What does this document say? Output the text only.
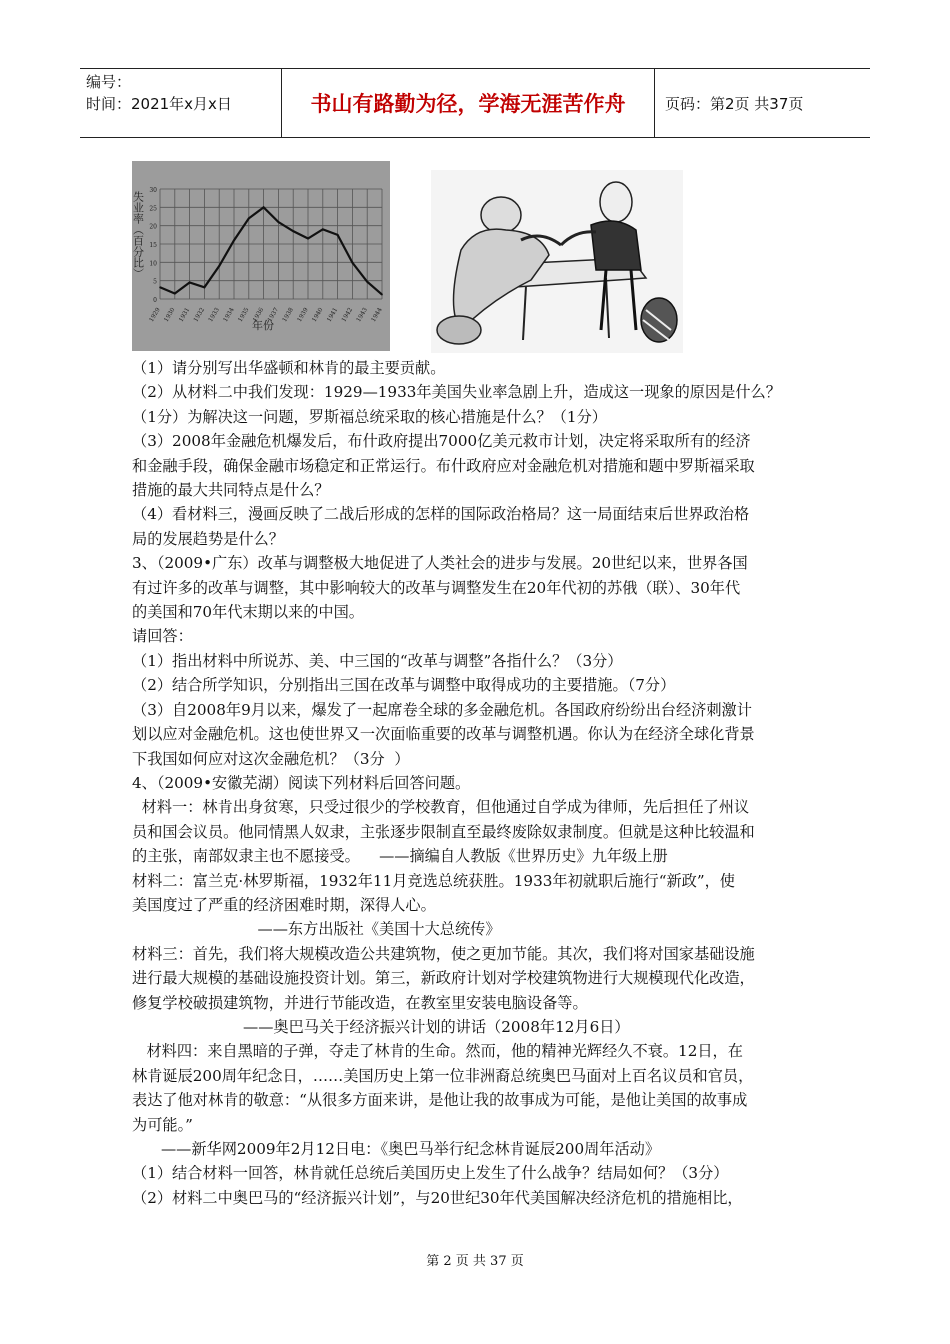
编号：
时间：2021年x月x日	书山有路勤为径，学海无涯苦作舟	页码：第2页 共37页
失业率（百分比）
年份
30
25
20
15
10
5
0
1929 1930 1931 1932 1933 1934 1935 1936 1937 1938 1939 1940 1941 1942 1943 1944

（1）请分别写出华盛顿和林肯的最主要贡献。

（2）从材料二中我们发现：1929—1933年美国失业率急剧上升，造成这一现象的原因是什么？

（1分）为解决这一问题，罗斯福总统采取的核心措施是什么？（1分）

（3）2008年金融危机爆发后，布什政府提出7000亿美元救市计划，决定将采取所有的经济

和金融手段，确保金融市场稳定和正常运行。布什政府应对金融危机对措施和题中罗斯福采取

措施的最大共同特点是什么？

（4）看材料三，漫画反映了二战后形成的怎样的国际政治格局？这一局面结束后世界政治格

局的发展趋势是什么？

3、（2009•广东）改革与调整极大地促进了人类社会的进步与发展。20世纪以来，世界各国

有过许多的改革与调整，其中影响较大的改革与调整发生在20年代初的苏俄（联）、30年代

的美国和70年代末期以来的中国。

请回答：

（1）指出材料中所说苏、美、中三国的“改革与调整”各指什么？（3分）

（2）结合所学知识，分别指出三国在改革与调整中取得成功的主要措施。（7分）

（3）自2008年9月以来，爆发了一起席卷全球的多金融危机。各国政府纷纷出台经济刺激计

划以应对金融危机。这也使世界又一次面临重要的改革与调整机遇。你认为在经济全球化背景

下我国如何应对这次金融危机？（3分  ）

4、（2009•安徽芜湖）阅读下列材料后回答问题。

材料一：林肯出身贫寒，只受过很少的学校教育，但他通过自学成为律师，先后担任了州议

员和国会议员。他同情黑人奴隶，主张逐步限制直至最终废除奴隶制度。但就是这种比较温和

的主张，南部奴隶主也不愿接受。    ——摘编自人教版《世界历史》九年级上册

材料二：富兰克·林罗斯福，1932年11月竞选总统获胜。1933年初就职后施行“新政”，使

美国度过了严重的经济困难时期，深得人心。

——东方出版社《美国十大总统传》

材料三：首先，我们将大规模改造公共建筑物，使之更加节能。其次，我们将对国家基础设施

进行最大规模的基础设施投资计划。第三，新政府计划对学校建筑物进行大规模现代化改造，

修复学校破损建筑物，并进行节能改造，在教室里安装电脑设备等。

——奥巴马关于经济振兴计划的讲话（2008年12月6日）

材料四：来自黑暗的子弹，夺走了林肯的生命。然而，他的精神光辉经久不衰。12日，在

林肯诞辰200周年纪念日，……美国历史上第一位非洲裔总统奥巴马面对上百名议员和官员，

表达了他对林肯的敬意：“从很多方面来讲，是他让我的故事成为可能，是他让美国的故事成

为可能。”

——新华网2009年2月12日电：《奥巴马举行纪念林肯诞辰200周年活动》

（1）结合材料一回答，林肯就任总统后美国历史上发生了什么战争？结局如何？（3分）

（2）材料二中奥巴马的“经济振兴计划”，与20世纪30年代美国解决经济危机的措施相比，

第 2 页 共 37 页
